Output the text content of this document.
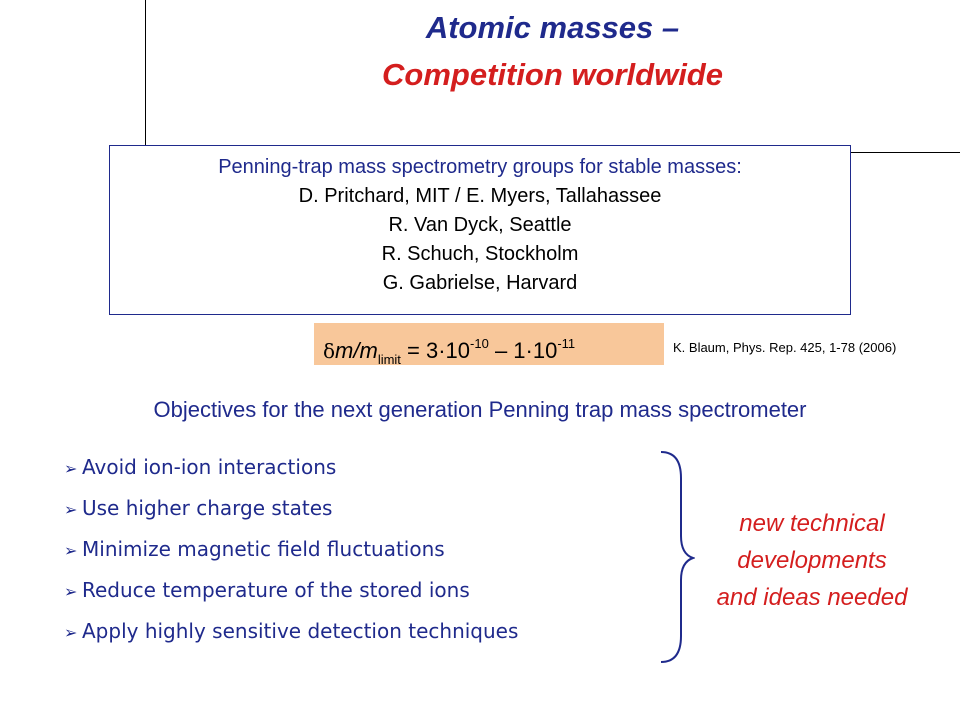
Atomic masses –
Competition worldwide
Penning-trap mass spectrometry groups for stable masses:
D. Pritchard, MIT / E. Myers, Tallahassee
R. Van Dyck, Seattle
R. Schuch, Stockholm
G. Gabrielse, Harvard
$\delta m/m_{limit} = 3\cdot 10^{-10} - 1\cdot 10^{-11}$	K. Blaum, Phys. Rep. 425, 1-78 (2006)
Objectives for the next generation Penning trap mass spectrometer
➢ Avoid ion-ion interactions
➢ Use higher charge states
➢ Minimize magnetic field fluctuations
➢ Reduce temperature of the stored ions
➢ Apply highly sensitive detection techniques
new technical
developments
and ideas needed
